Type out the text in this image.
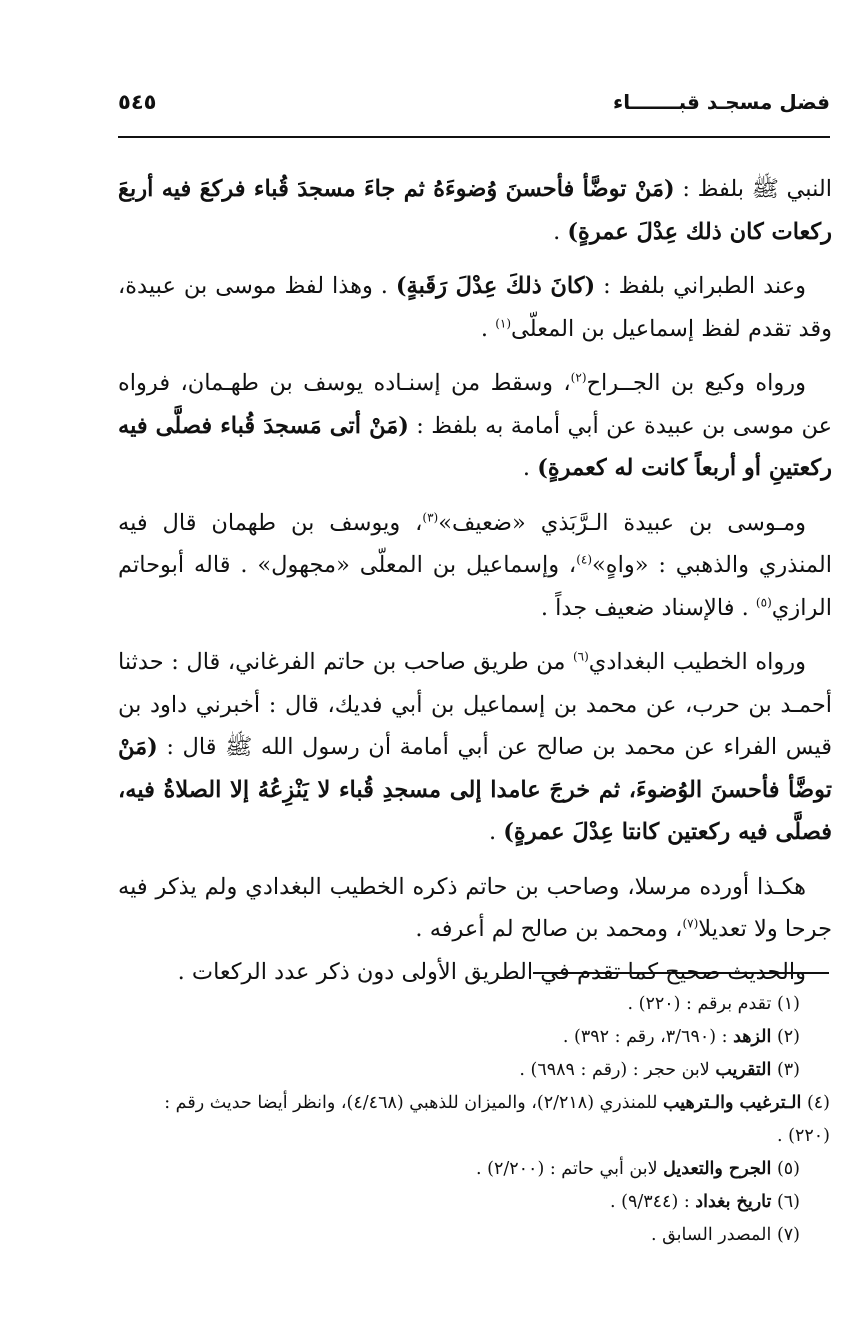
فضل مسجـد قبـــــــاء
٥٤٥

النبي ﷺ بلفظ : (مَنْ توضَّأ فأحسنَ وُضوءَهُ ثم جاءَ مسجدَ قُباء فركعَ فيه أربعَ ركعات كان ذلك عِدْلَ عمرةٍ) .

وعند الطبراني بلفظ : (كانَ ذلكَ عِدْلَ رَقَبةٍ) . وهذا لفظ موسى بن عبيدة، وقد تقدم لفظ إسماعيل بن المعلّى$^{(١)}$ .

ورواه وكيع بن الجــراح$^{(٢)}$، وسقط من إسنـاده يوسف بن طهـمان، فرواه عن موسى بن عبيدة عن أبي أمامة به بلفظ : (مَنْ أتى مَسجدَ قُباء فصلَّى فيه ركعتينِ أو أربعاً كانت له كعمرةٍ) .

ومـوسى بن عبيدة الـرَّبَذي «ضعيف»$^{(٣)}$، ويوسف بن طهمان قال فيه المنذري والذهبي : «واهٍ»$^{(٤)}$، وإسماعيل بن المعلّى «مجهول» . قاله أبوحاتم الرازي$^{(٥)}$ . فالإسناد ضعيف جداً .

ورواه الخطيب البغدادي$^{(٦)}$ من طريق صاحب بن حاتم الفرغاني، قال : حدثنا أحمـد بن حرب، عن محمد بن إسماعيل بن أبي فديك، قال : أخبرني داود بن قيس الفراء عن محمد بن صالح عن أبي أمامة أن رسول الله ﷺ قال : (مَنْ توضَّأ فأحسنَ الوُضوءَ، ثم خرجَ عامدا إلى مسجدِ قُباء لا يَنْزِعُهُ إلا الصلاةُ فيه، فصلَّى فيه ركعتين كانتا عِدْلَ عمرةٍ) .

هكـذا أورده مرسلا، وصاحب بن حاتم ذكره الخطيب البغدادي ولم يذكر فيه جرحا ولا تعديلا$^{(٧)}$، ومحمد بن صالح لم أعرفه .

والحديث صحيح كما تقدم في الطريق الأولى دون ذكر عدد الركعات .

(١) تقدم برقم : (٢٢٠) .

(٢) الزهد : (٣/٦٩٠، رقم : ٣٩٢) .

(٣) التقريب لابن حجر : (رقم : ٦٩٨٩) .

(٤) الـترغيب والـترهيب للمنذري (٢/٢١٨)، والميزان للذهبي (٤/٤٦٨)، وانظر أيضا حديث رقم : (٢٢٠) .

(٥) الجرح والتعديل لابن أبي حاتم : (٢/٢٠٠) .

(٦) تاريخ بغداد : (٩/٣٤٤) .

(٧) المصدر السابق .
